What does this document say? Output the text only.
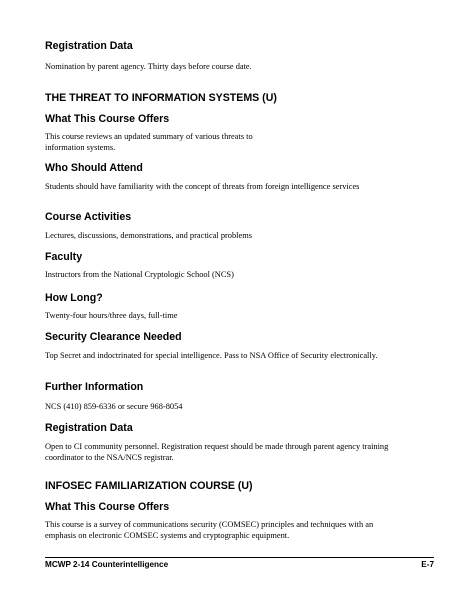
Registration Data
Nomination by parent agency. Thirty days before course date.
THE THREAT TO INFORMATION SYSTEMS (U)
What This Course Offers
This course reviews an updated summary of various threats to information systems.
Who Should Attend
Students should have familiarity with the concept of threats from foreign intelligence services
Course Activities
Lectures, discussions, demonstrations, and practical problems
Faculty
Instructors from the National Cryptologic School (NCS)
How Long?
Twenty-four hours/three days, full-time
Security Clearance Needed
Top Secret and indoctrinated for special intelligence. Pass to NSA Office of Security electronically.
Further Information
NCS (410) 859-6336 or secure 968-8054
Registration Data
Open to CI community personnel. Registration request should be made through parent agency training coordinator to the NSA/NCS registrar.
INFOSEC FAMILIARIZATION COURSE (U)
What This Course Offers
This course is a survey of communications security (COMSEC) principles and techniques with an emphasis on electronic COMSEC systems and cryptographic equipment.
MCWP 2-14 Counterintelligence	E-7
